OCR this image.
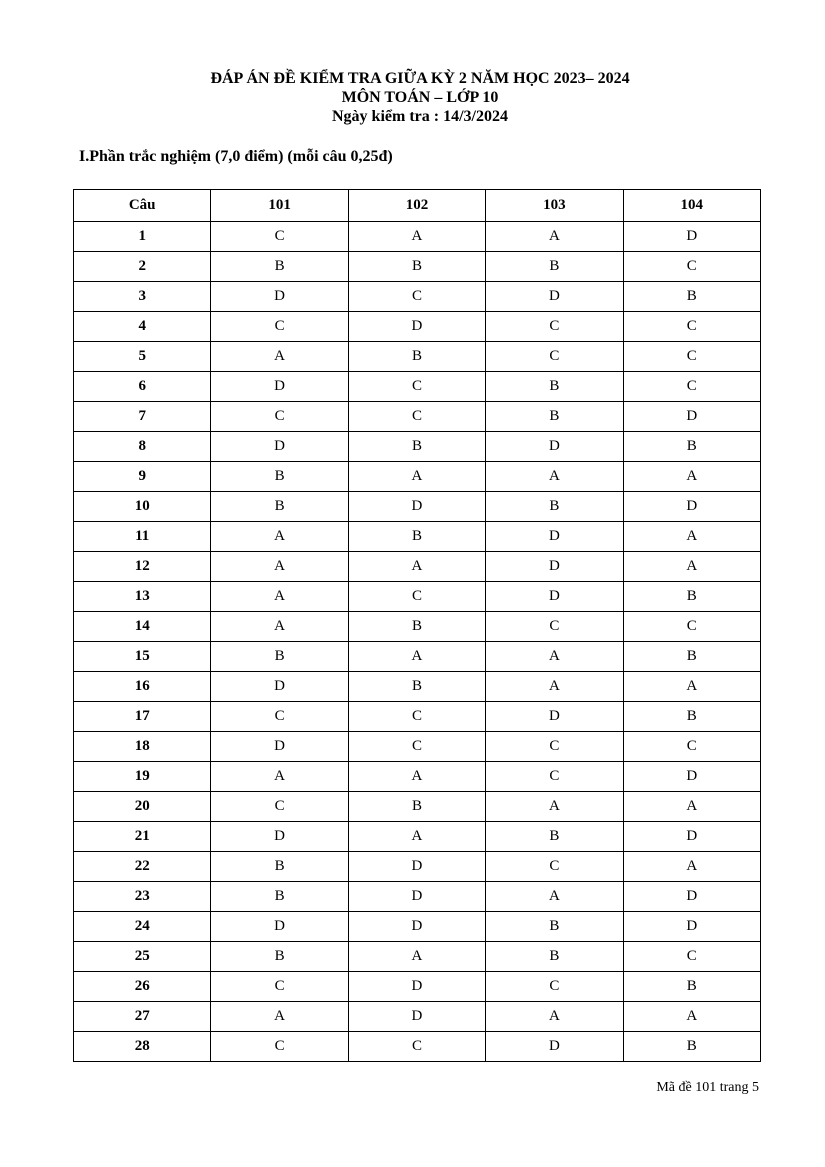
ĐÁP ÁN ĐỀ KIỂM TRA GIỮA KỲ 2 NĂM HỌC 2023– 2024
MÔN TOÁN – LỚP 10
Ngày kiểm tra : 14/3/2024
I.Phần trắc nghiệm (7,0 điểm) (mỗi câu 0,25đ)
Câu	101	102	103	104
1	C	A	A	D
2	B	B	B	C
3	D	C	D	B
4	C	D	C	C
5	A	B	C	C
6	D	C	B	C
7	C	C	B	D
8	D	B	D	B
9	B	A	A	A
10	B	D	B	D
11	A	B	D	A
12	A	A	D	A
13	A	C	D	B
14	A	B	C	C
15	B	A	A	B
16	D	B	A	A
17	C	C	D	B
18	D	C	C	C
19	A	A	C	D
20	C	B	A	A
21	D	A	B	D
22	B	D	C	A
23	B	D	A	D
24	D	D	B	D
25	B	A	B	C
26	C	D	C	B
27	A	D	A	A
28	C	C	D	B
Mã đề 101 trang 5
